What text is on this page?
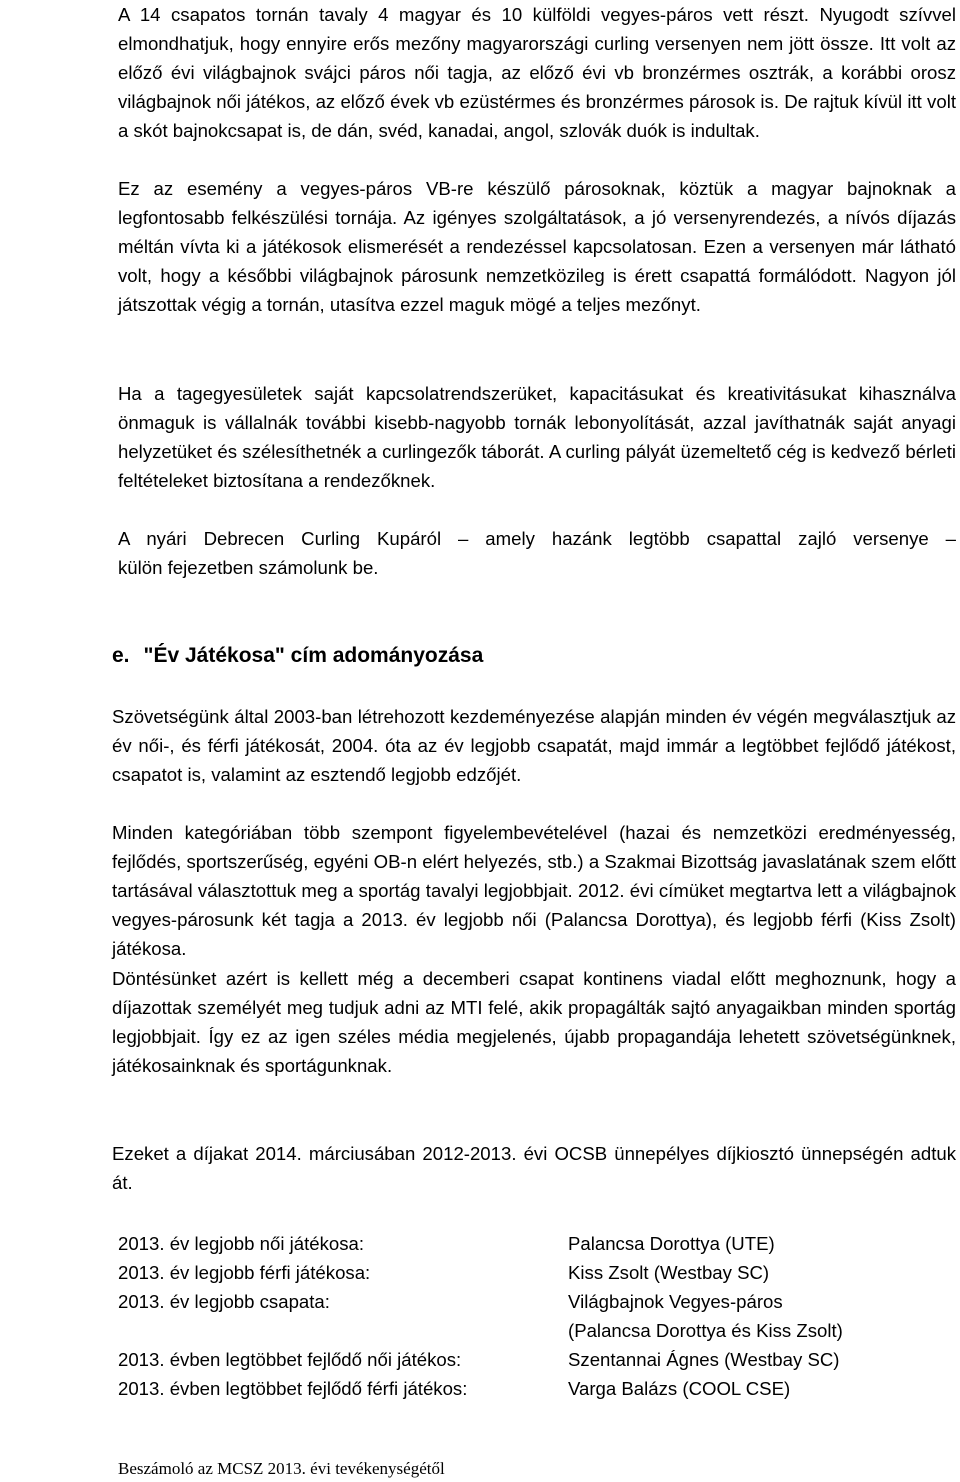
A 14 csapatos tornán tavaly 4 magyar és 10 külföldi vegyes-páros vett részt. Nyugodt szívvel elmondhatjuk, hogy ennyire erős mezőny magyarországi curling versenyen nem jött össze. Itt volt az előző évi világbajnok svájci páros női tagja, az előző évi vb bronzérmes osztrák, a korábbi orosz világbajnok női játékos, az előző évek vb ezüstérmes és bronzérmes párosok is. De rajtuk kívül itt volt a skót bajnokcsapat is, de dán, svéd, kanadai, angol, szlovák duók is indultak.

Ez az esemény a vegyes-páros VB-re készülő párosoknak, köztük a magyar bajnoknak a legfontosabb felkészülési tornája. Az igényes szolgáltatások, a jó versenyrendezés, a nívós díjazás méltán vívta ki a játékosok elismerését a rendezéssel kapcsolatosan. Ezen a versenyen már látható volt, hogy a későbbi világbajnok párosunk nemzetközileg is érett csapattá formálódott. Nagyon jól játszottak végig a tornán, utasítva ezzel maguk mögé a teljes mezőnyt.

Ha a tagegyesületek saját kapcsolatrendszerüket, kapacitásukat és kreativitásukat kihasználva önmaguk is vállalnák további kisebb-nagyobb tornák lebonyolítását, azzal javíthatnák saját anyagi helyzetüket és szélesíthetnék a curlingezők táborát. A curling pályát üzemeltető cég is kedvező bérleti feltételeket biztosítana a rendezőknek.

A nyári Debrecen Curling Kupáról – amely hazánk legtöbb csapattal zajló versenye –
külön fejezetben számolunk be.
e. "Év Játékosa" cím adományozása

Szövetségünk által 2003-ban létrehozott kezdeményezése alapján minden év végén megválasztjuk az év női-, és férfi játékosát, 2004. óta az év legjobb csapatát, majd immár a legtöbbet fejlődő játékost, csapatot is, valamint az esztendő legjobb edzőjét.

Minden kategóriában több szempont figyelembevételével (hazai és nemzetközi eredményesség, fejlődés, sportszerűség, egyéni OB-n elért helyezés, stb.) a Szakmai Bizottság javaslatának szem előtt tartásával választottuk meg a sportág tavalyi legjobbjait. 2012. évi címüket megtartva lett a világbajnok vegyes-párosunk két tagja a 2013. év legjobb női (Palancsa Dorottya), és legjobb férfi (Kiss Zsolt) játékosa.

Döntésünket azért is kellett még a decemberi csapat kontinens viadal előtt meghoznunk, hogy a díjazottak személyét meg tudjuk adni az MTI felé, akik propagálták sajtó anyagaikban minden sportág legjobbjait. Így ez az igen széles média megjelenés, újabb propagandája lehetett szövetségünknek, játékosainknak és sportágunknak.

Ezeket a díjakat 2014. márciusában 2012-2013. évi OCSB ünnepélyes díjkiosztó ünnepségén adtuk át.

2013. év legjobb női játékosa:	Palancsa Dorottya (UTE)
2013. év legjobb férfi játékosa:	Kiss Zsolt (Westbay SC)
2013. év legjobb csapata:	Világbajnok Vegyes-páros
(Palancsa Dorottya és Kiss Zsolt)
2013. évben legtöbbet fejlődő női játékos:	Szentannai Ágnes (Westbay SC)
2013. évben legtöbbet fejlődő férfi játékos:	Varga Balázs (COOL CSE)
Beszámoló az MCSZ 2013. évi tevékenységétől
